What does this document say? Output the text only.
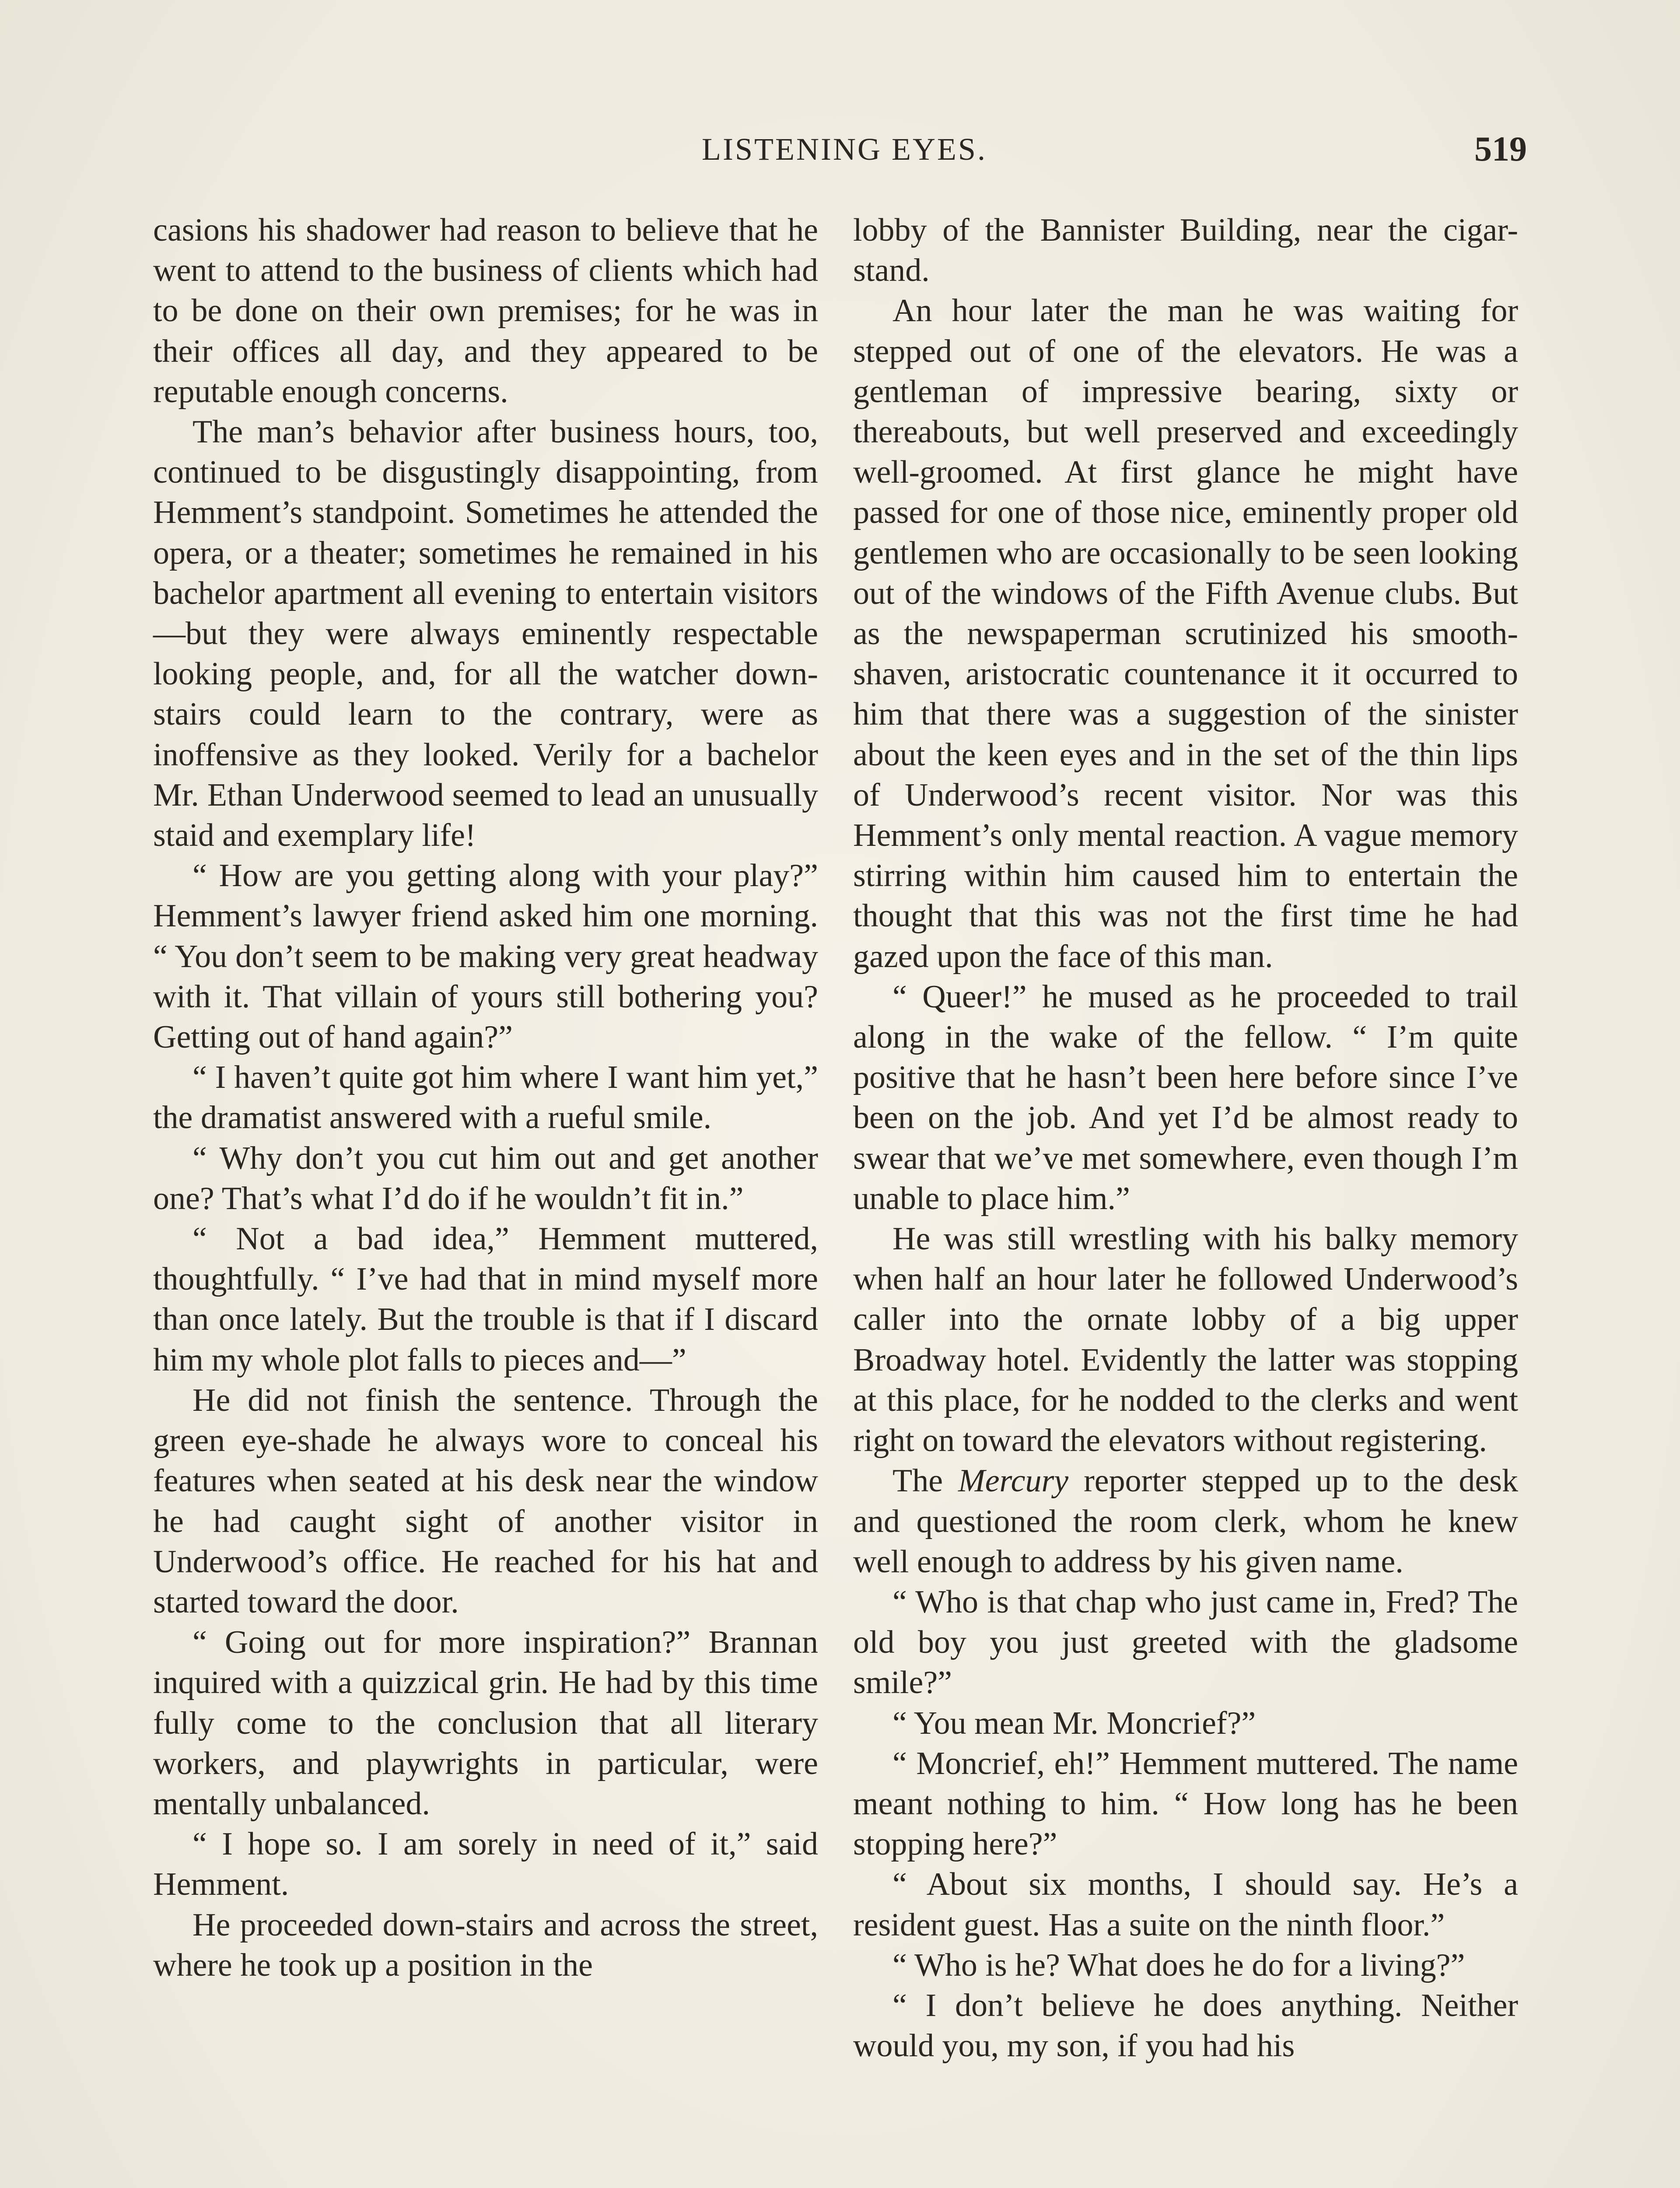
LISTENING EYES.	519

casions his shadower had reason to believe that he went to attend to the business of clients which had to be done on their own premises; for he was in their offices all day, and they appeared to be reputable enough concerns.

The man’s behavior after business hours, too, continued to be disgustingly disappointing, from Hemment’s standpoint. Sometimes he attended the opera, or a theater; sometimes he remained in his bachelor apartment all evening to entertain visitors—but they were always eminently respectable looking people, and, for all the watcher down-stairs could learn to the contrary, were as inoffensive as they looked. Verily for a bachelor Mr. Ethan Underwood seemed to lead an unusually staid and exemplary life!

“ How are you getting along with your play?” Hemment’s lawyer friend asked him one morning. “ You don’t seem to be making very great headway with it. That villain of yours still bothering you? Getting out of hand again?”

“ I haven’t quite got him where I want him yet,” the dramatist answered with a rueful smile.

“ Why don’t you cut him out and get another one? That’s what I’d do if he wouldn’t fit in.”

“ Not a bad idea,” Hemment muttered, thoughtfully. “ I’ve had that in mind myself more than once lately. But the trouble is that if I discard him my whole plot falls to pieces and—”

He did not finish the sentence. Through the green eye-shade he always wore to conceal his features when seated at his desk near the window he had caught sight of another visitor in Underwood’s office. He reached for his hat and started toward the door.

“ Going out for more inspiration?” Brannan inquired with a quizzical grin. He had by this time fully come to the conclusion that all literary workers, and playwrights in particular, were mentally unbalanced.

“ I hope so. I am sorely in need of it,” said Hemment.

He proceeded down-stairs and across the street, where he took up a position in the

lobby of the Bannister Building, near the cigar-stand.

An hour later the man he was waiting for stepped out of one of the elevators. He was a gentleman of impressive bearing, sixty or thereabouts, but well preserved and exceedingly well-groomed. At first glance he might have passed for one of those nice, eminently proper old gentlemen who are occasionally to be seen looking out of the windows of the Fifth Avenue clubs. But as the newspaperman scrutinized his smooth-shaven, aristocratic countenance it it occurred to him that there was a suggestion of the sinister about the keen eyes and in the set of the thin lips of Underwood’s recent visitor. Nor was this Hemment’s only mental reaction. A vague memory stirring within him caused him to entertain the thought that this was not the first time he had gazed upon the face of this man.

“ Queer!” he mused as he proceeded to trail along in the wake of the fellow. “ I’m quite positive that he hasn’t been here before since I’ve been on the job. And yet I’d be almost ready to swear that we’ve met somewhere, even though I’m unable to place him.”

He was still wrestling with his balky memory when half an hour later he followed Underwood’s caller into the ornate lobby of a big upper Broadway hotel. Evidently the latter was stopping at this place, for he nodded to the clerks and went right on toward the elevators without registering.

The Mercury reporter stepped up to the desk and questioned the room clerk, whom he knew well enough to address by his given name.

“ Who is that chap who just came in, Fred? The old boy you just greeted with the gladsome smile?”

“ You mean Mr. Moncrief?”

“ Moncrief, eh!” Hemment muttered. The name meant nothing to him. “ How long has he been stopping here?”

“ About six months, I should say. He’s a resident guest. Has a suite on the ninth floor.”

“ Who is he? What does he do for a living?”

“ I don’t believe he does anything. Neither would you, my son, if you had his
